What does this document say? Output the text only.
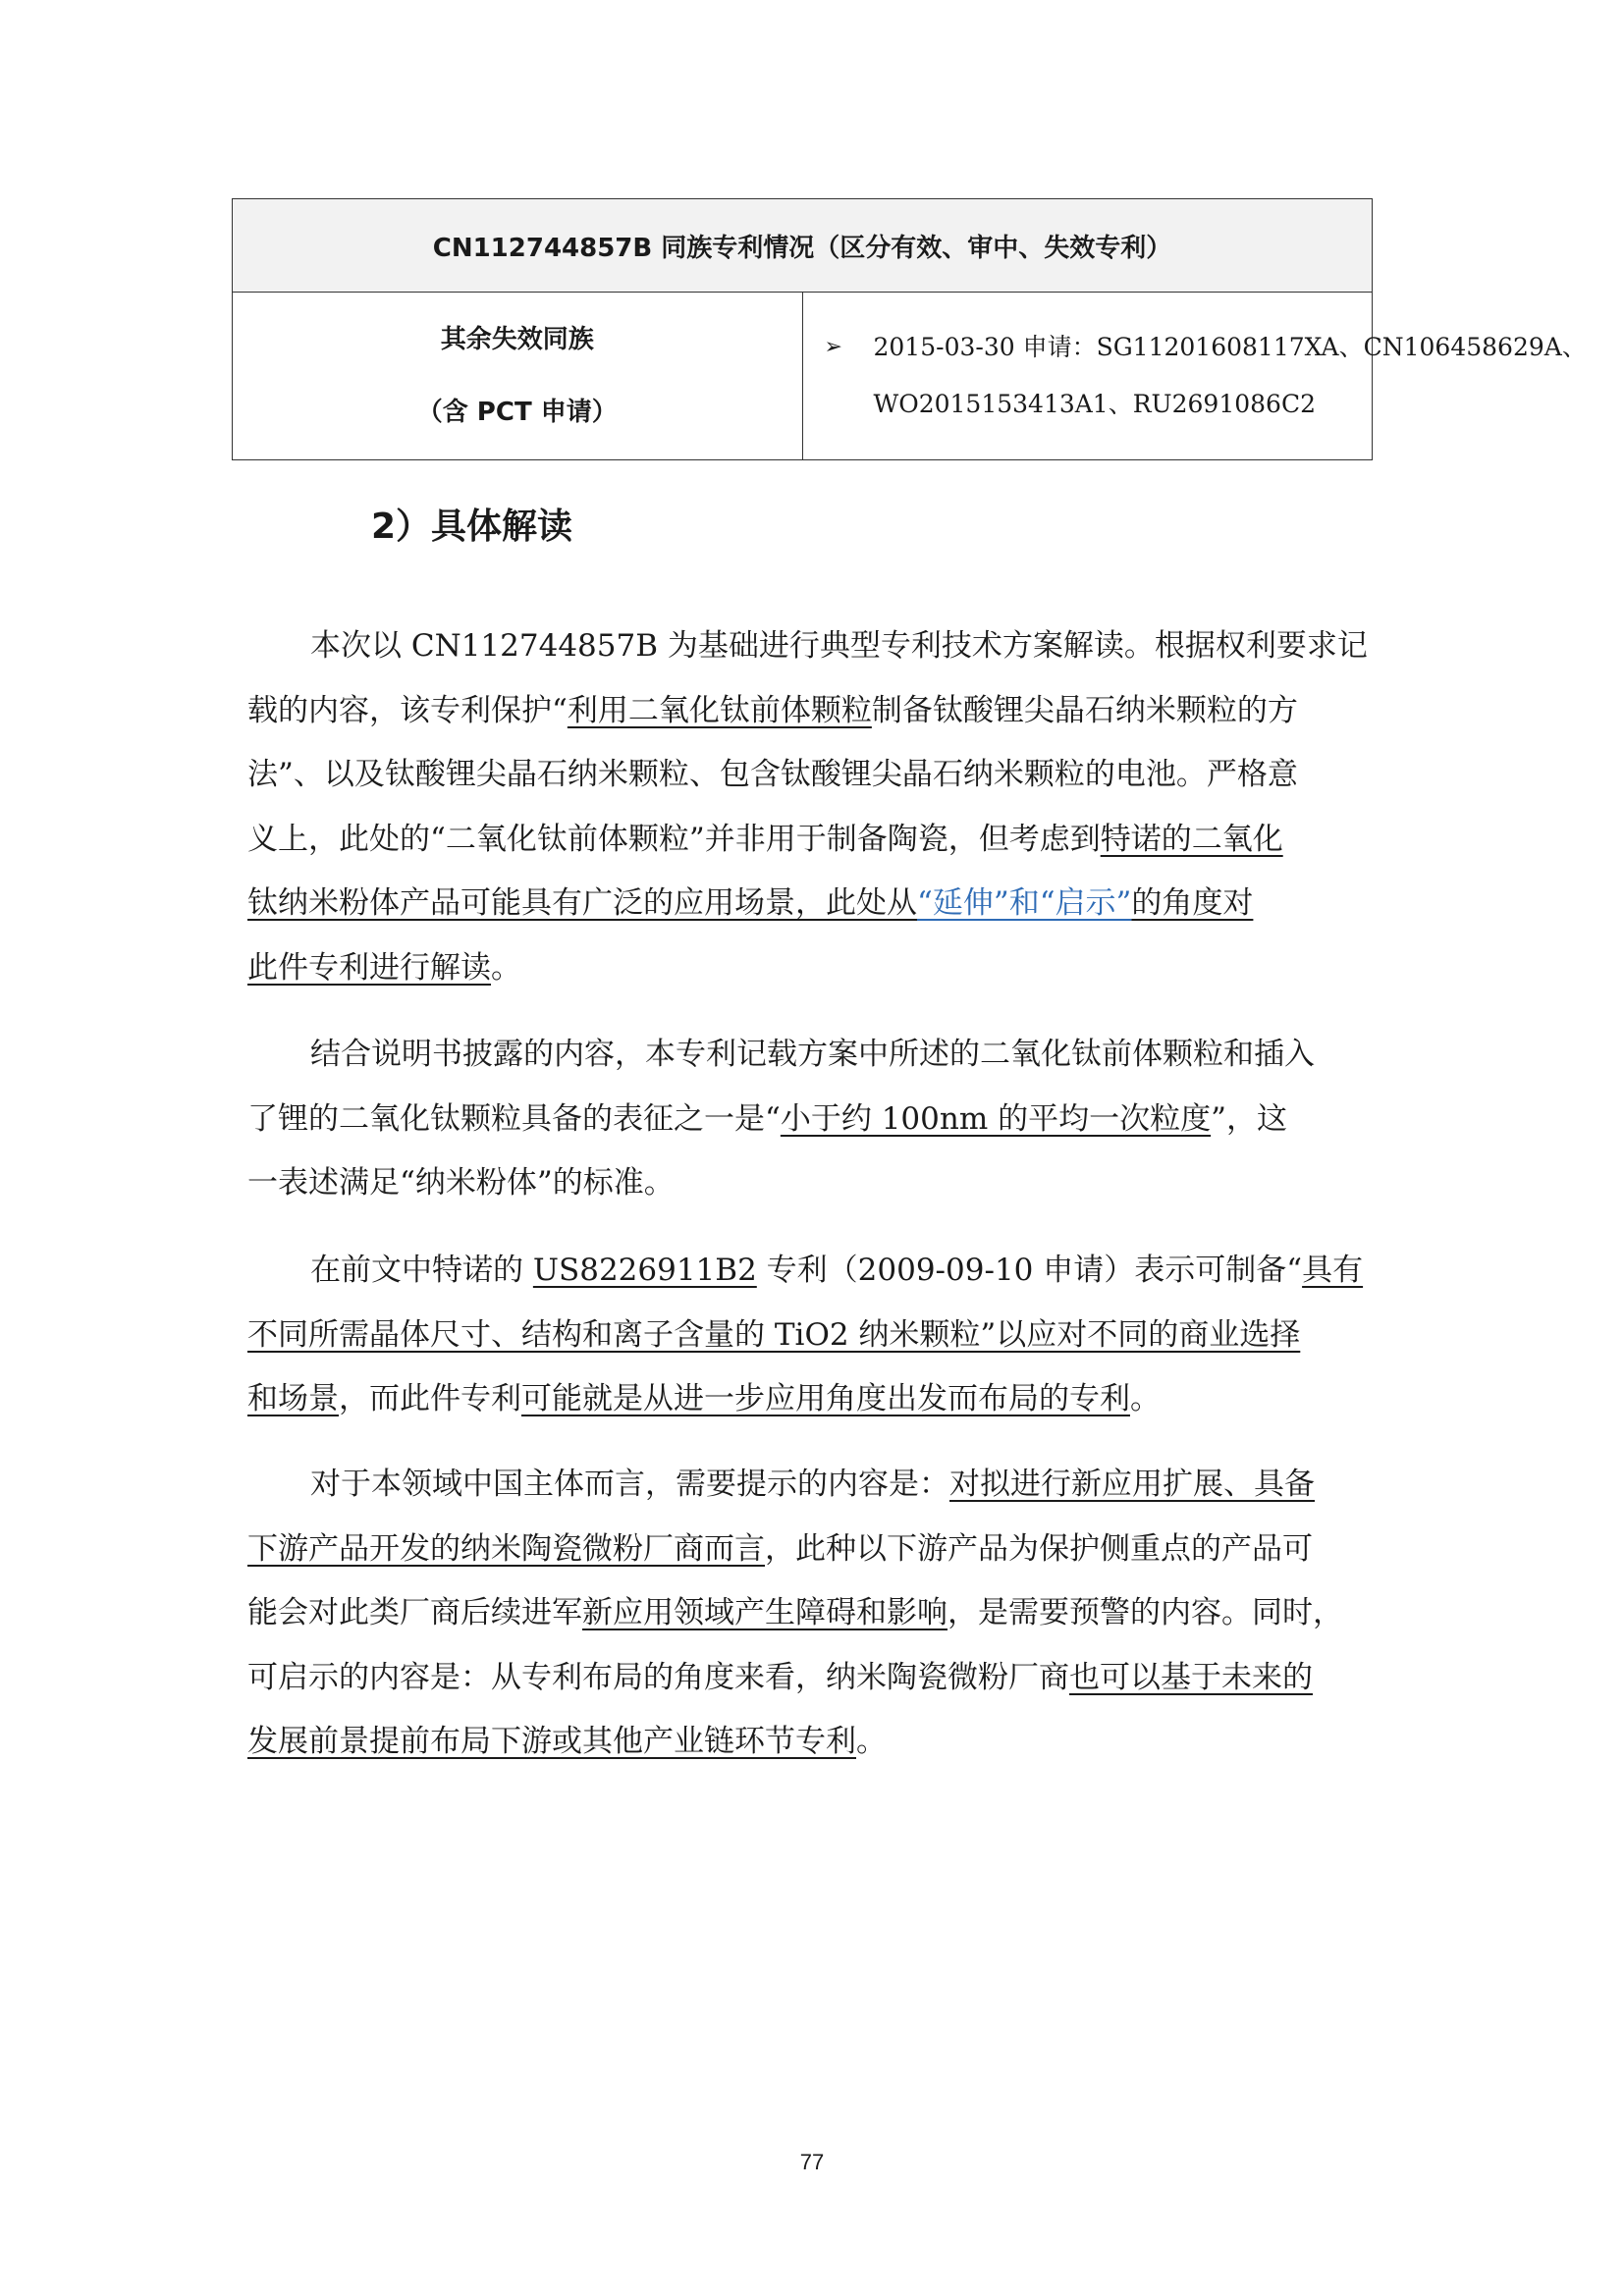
CN112744857B 同族专利情况（区分有效、审中、失效专利）

其余失效同族
（含 PCT 申请）

➢	2015-03-30 申请：SG11201608117XA、CN106458629A、
WO2015153413A1、RU2691086C2
2）具体解读
本次以 CN112744857B 为基础进行典型专利技术方案解读。根据权利要求记
载的内容，该专利保护“利用二氧化钛前体颗粒制备钛酸锂尖晶石纳米颗粒的方
法”、以及钛酸锂尖晶石纳米颗粒、包含钛酸锂尖晶石纳米颗粒的电池。严格意
义上，此处的“二氧化钛前体颗粒”并非用于制备陶瓷，但考虑到特诺的二氧化
钛纳米粉体产品可能具有广泛的应用场景，此处从“延伸”和“启示”的角度对
此件专利进行解读。
结合说明书披露的内容，本专利记载方案中所述的二氧化钛前体颗粒和插入
了锂的二氧化钛颗粒具备的表征之一是“小于约 100nm 的平均一次粒度”，这
一表述满足“纳米粉体”的标准。
在前文中特诺的 US8226911B2 专利（2009-09-10 申请）表示可制备“具有
不同所需晶体尺寸、结构和离子含量的 TiO2 纳米颗粒”以应对不同的商业选择
和场景，而此件专利可能就是从进一步应用角度出发而布局的专利。
对于本领域中国主体而言，需要提示的内容是：对拟进行新应用扩展、具备
下游产品开发的纳米陶瓷微粉厂商而言，此种以下游产品为保护侧重点的产品可
能会对此类厂商后续进军新应用领域产生障碍和影响，是需要预警的内容。同时，
可启示的内容是：从专利布局的角度来看，纳米陶瓷微粉厂商也可以基于未来的
发展前景提前布局下游或其他产业链环节专利。
77
